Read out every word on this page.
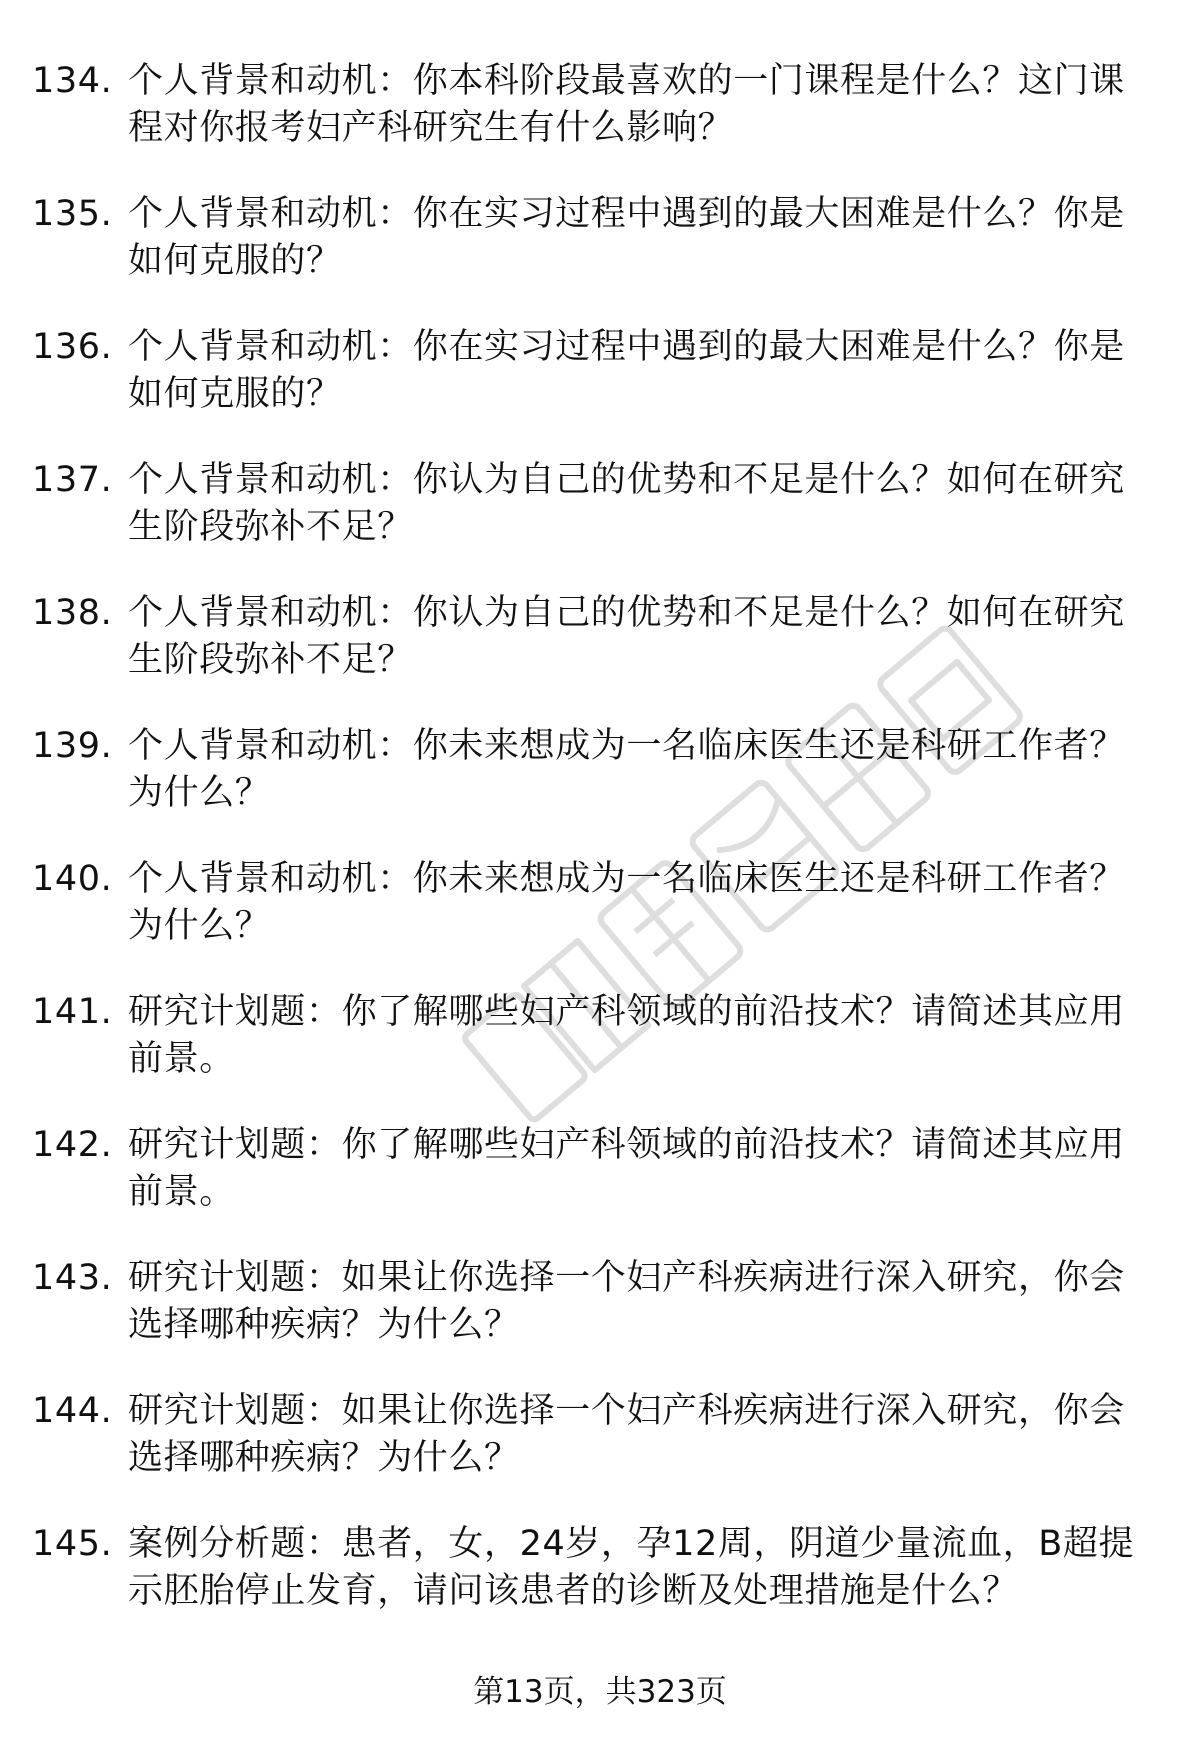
134. 个人背景和动机：你本科阶段最喜欢的一门课程是什么？这门课程对你报考妇产科研究生有什么影响？
135. 个人背景和动机：你在实习过程中遇到的最大困难是什么？你是如何克服的？
136. 个人背景和动机：你在实习过程中遇到的最大困难是什么？你是如何克服的？
137. 个人背景和动机：你认为自己的优势和不足是什么？如何在研究生阶段弥补不足？
138. 个人背景和动机：你认为自己的优势和不足是什么？如何在研究生阶段弥补不足？
139. 个人背景和动机：你未来想成为一名临床医生还是科研工作者？为什么？
140. 个人背景和动机：你未来想成为一名临床医生还是科研工作者？为什么？
141. 研究计划题：你了解哪些妇产科领域的前沿技术？请简述其应用前景。
142. 研究计划题：你了解哪些妇产科领域的前沿技术？请简述其应用前景。
143. 研究计划题：如果让你选择一个妇产科疾病进行深入研究，你会选择哪种疾病？为什么？
144. 研究计划题：如果让你选择一个妇产科疾病进行深入研究，你会选择哪种疾病？为什么？
145. 案例分析题：患者，女，24岁，孕12周，阴道少量流血，B超提示胚胎停止发育，请问该患者的诊断及处理措施是什么？
第13页，共323页
